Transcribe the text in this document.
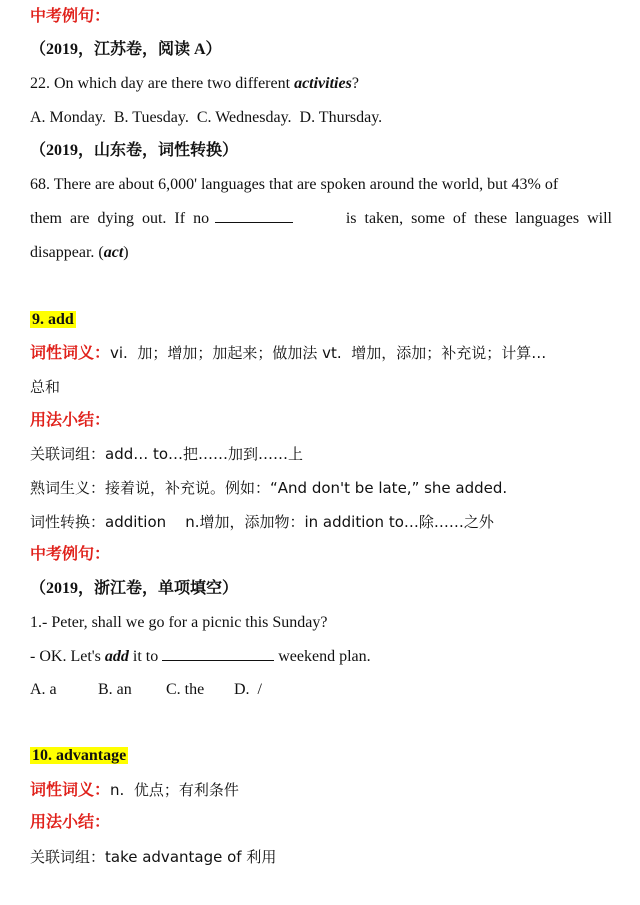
中考例句：
（2019，江苏卷，阅读 A）
22. On which day are there two different activities?
A. Monday.  B. Tuesday.  C. Wednesday.  D. Thursday.
（2019，山东卷，词性转换）
68. There are about 6,000' languages that are spoken around the world, but 43% of
them  are  dying  out.  If  no	is  taken,  some  of  these  languages  will
disappear. (act)
9. add
词性词义：vi.  加；增加；加起来；做加法 vt.  增加，添加；补充说；计算…
总和
用法小结：
关联词组：add… to…把……加到……上
熟词生义：接着说，补充说。例如：“And don't be late,” she added.
词性转换：addition    n.增加，添加物：in addition to…除……之外
中考例句：
（2019，浙江卷，单项填空）
1.- Peter, shall we go for a picnic this Sunday?
- OK. Let's add it to	weekend plan.
A. a	B. an C. the D.  /
10. advantage
词性词义：n.  优点；有利条件
用法小结：
关联词组：take advantage of 利用
